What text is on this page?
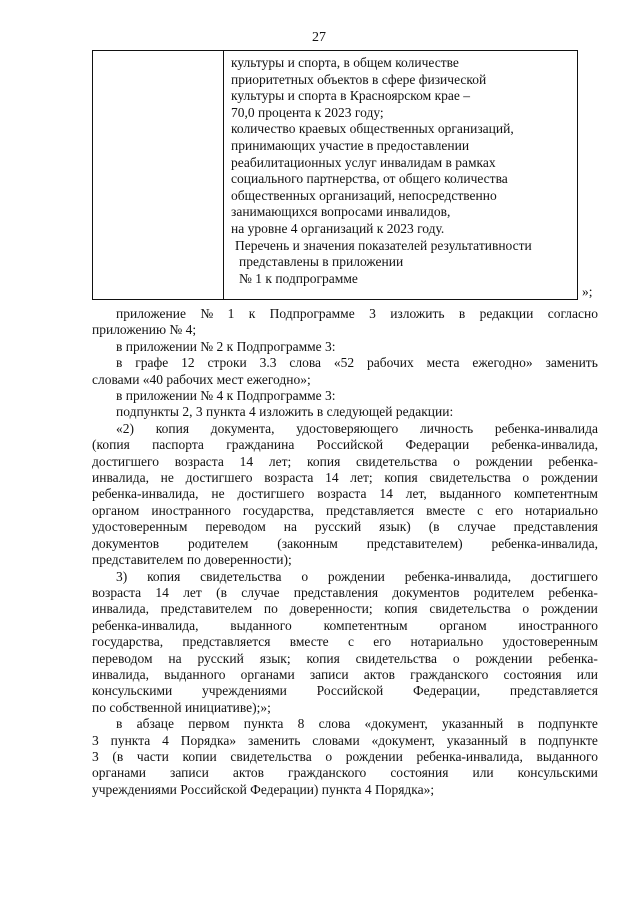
27
культуры и спорта, в общем количестве
приоритетных объектов в сфере физической
культуры и спорта в Красноярском крае –
70,0 процента к 2023 году;
количество краевых общественных организаций,
принимающих участие в предоставлении
реабилитационных услуг инвалидам в рамках
социального партнерства, от общего количества
общественных организаций, непосредственно
занимающихся вопросами инвалидов,
на уровне 4 организаций к 2023 году.
Перечень и значения показателей результативности
представлены в приложении
№ 1 к подпрограмме
»;
приложение № 1 к Подпрограмме 3 изложить в редакции согласно
приложению № 4;
в приложении № 2 к Подпрограмме 3:
в графе 12 строки 3.3 слова «52 рабочих места ежегодно» заменить
словами «40 рабочих мест ежегодно»;
в приложении № 4 к Подпрограмме 3:
подпункты 2, 3 пункта 4 изложить в следующей редакции:
«2) копия документа, удостоверяющего личность ребенка-инвалида
(копия паспорта гражданина Российской Федерации ребенка-инвалида,
достигшего возраста 14 лет; копия свидетельства о рождении ребенка-
инвалида, не достигшего возраста 14 лет; копия свидетельства о рождении
ребенка-инвалида, не достигшего возраста 14 лет, выданного компетентным
органом иностранного государства, представляется вместе с его нотариально
удостоверенным переводом на русский язык) (в случае представления
документов родителем (законным представителем) ребенка-инвалида,
представителем по доверенности);
3) копия свидетельства о рождении ребенка-инвалида, достигшего
возраста 14 лет (в случае представления документов родителем ребенка-
инвалида, представителем по доверенности; копия свидетельства о рождении
ребенка-инвалида, выданного компетентным органом иностранного
государства, представляется вместе с его нотариально удостоверенным
переводом на русский язык; копия свидетельства о рождении ребенка-
инвалида, выданного органами записи актов гражданского состояния или
консульскими учреждениями Российской Федерации, представляется
по собственной инициативе);»;
в абзаце первом пункта 8 слова «документ, указанный в подпункте
3 пункта 4 Порядка» заменить словами «документ, указанный в подпункте
3 (в части копии свидетельства о рождении ребенка-инвалида, выданного
органами записи актов гражданского состояния или консульскими
учреждениями Российской Федерации) пункта 4 Порядка»;
